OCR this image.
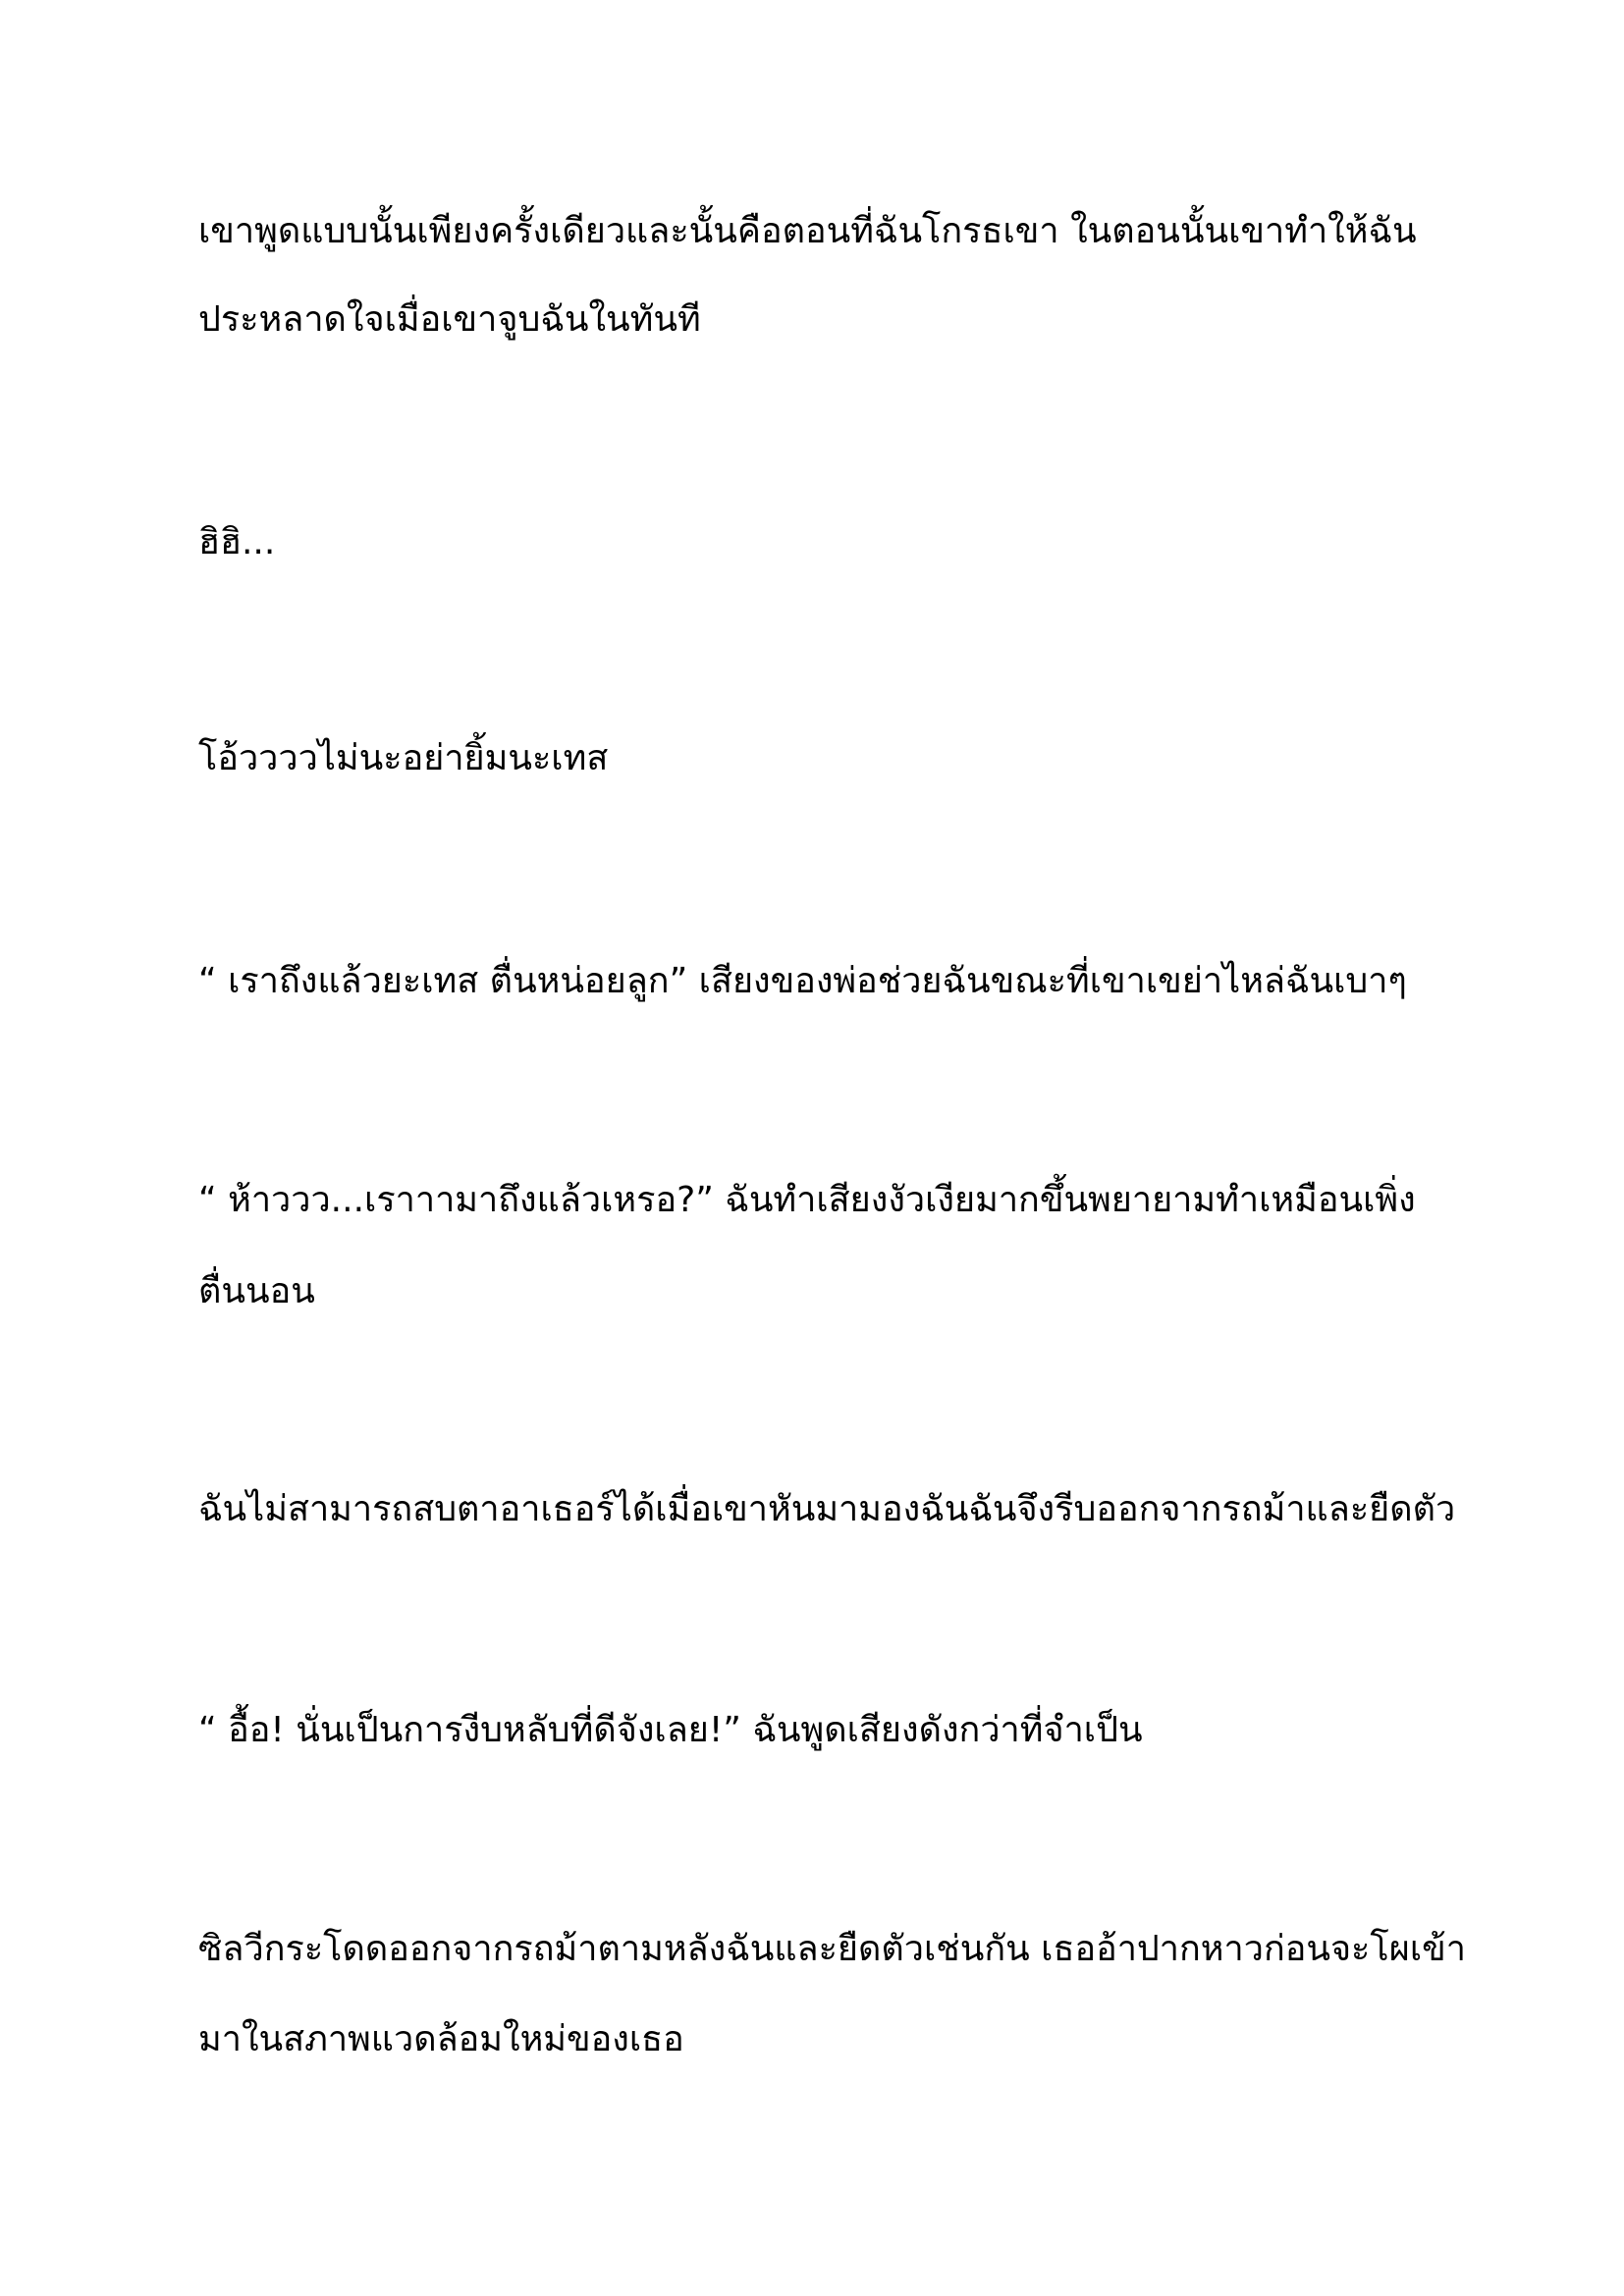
เขาพูดแบบนั้นเพียงครั้งเดียวและนั้นคือตอนที่ฉันโกรธเขา ในตอนนั้นเขาทำให้ฉัน
ประหลาดใจเมื่อเขาจูบฉันในทันที
ฮิฮิ...
โอ้ววววไม่นะอย่ายิ้มนะเทส
“ เราถึงแล้วยะเทส ตื่นหน่อยลูก” เสียงของพ่อช่วยฉันขณะที่เขาเขย่าไหล่ฉันเบาๆ
“ ห้าววว...เราาามาถึงแล้วเหรอ?” ฉันทำเสียงงัวเงียมากขึ้นพยายามทำเหมือนเพิ่ง
ตื่นนอน
ฉันไม่สามารถสบตาอาเธอร์ได้เมื่อเขาหันมามองฉันฉันจึงรีบออกจากรถม้าและยืดตัว
“ อื้อ! นั่นเป็นการงีบหลับที่ดีจังเลย!” ฉันพูดเสียงดังกว่าที่จำเป็น
ซิลวีกระโดดออกจากรถม้าตามหลังฉันและยืดตัวเช่นกัน เธออ้าปากหาวก่อนจะโผเข้า
มาในสภาพแวดล้อมใหม่ของเธอ
